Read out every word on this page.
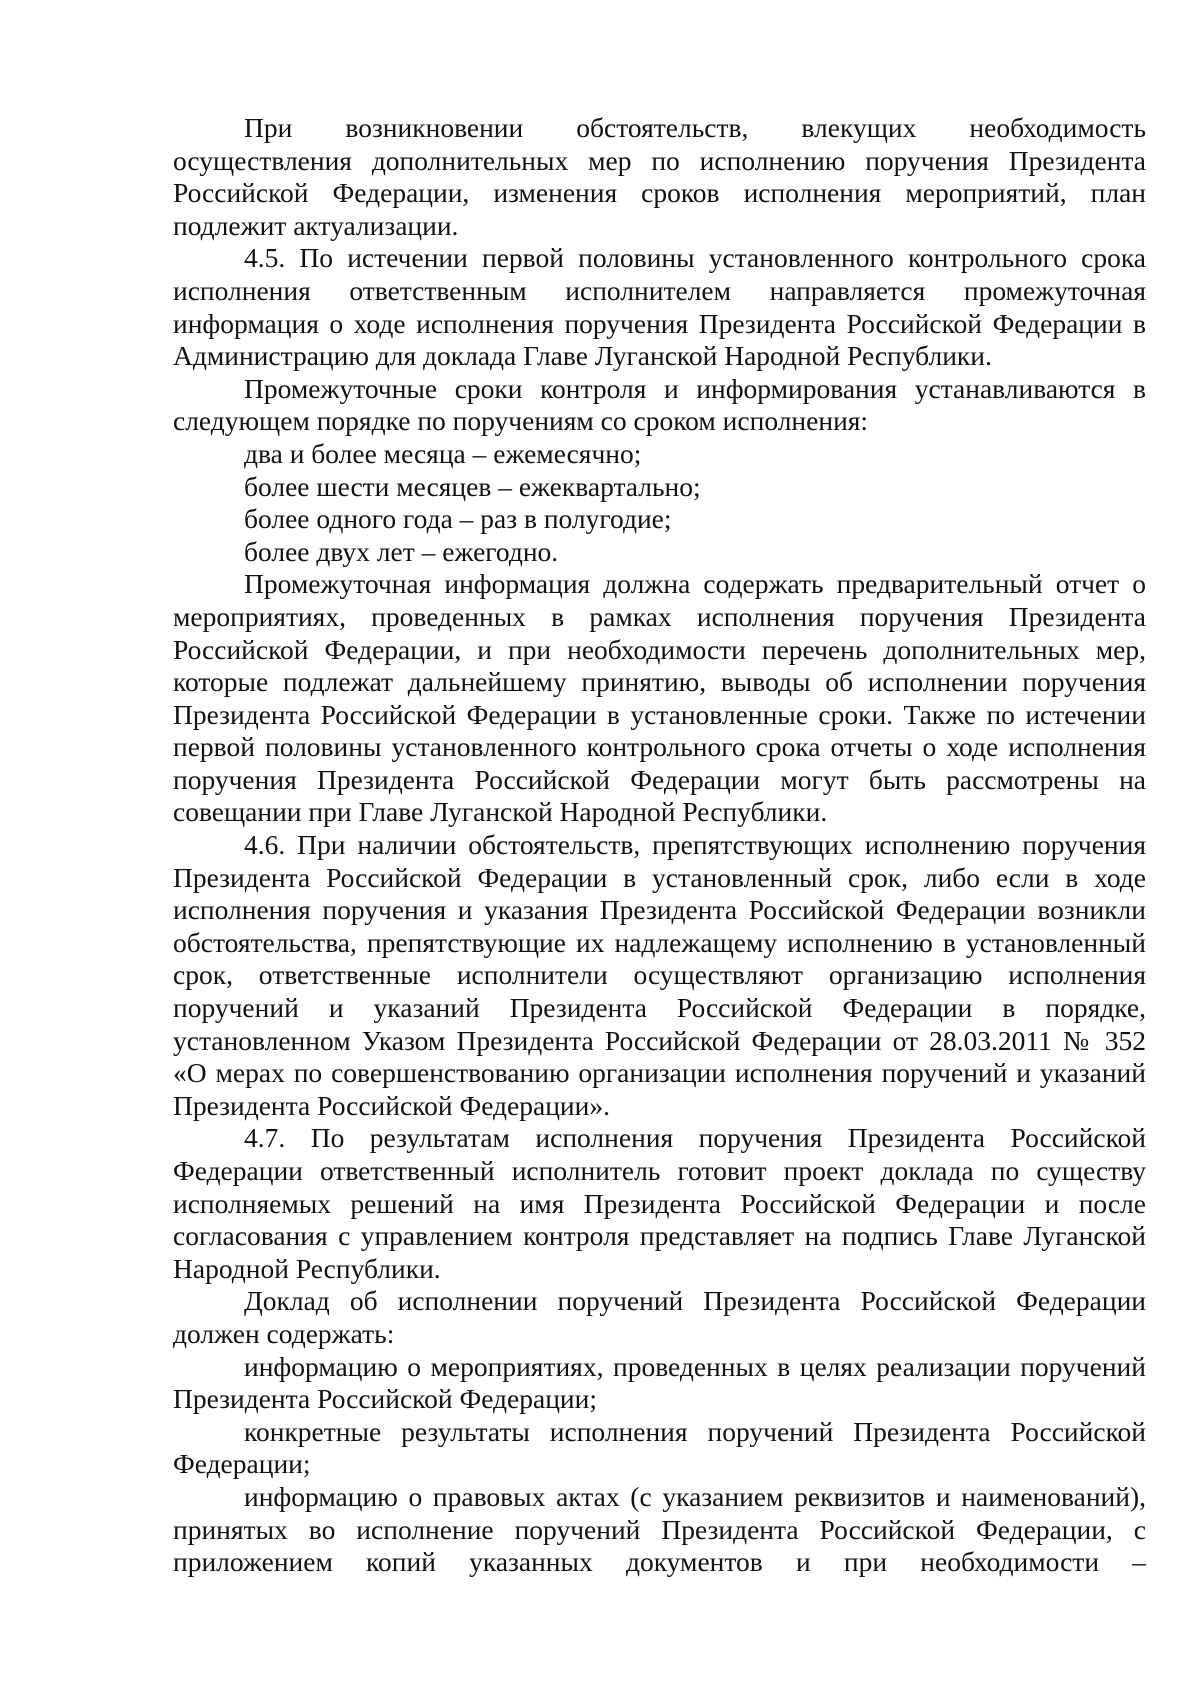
При возникновении обстоятельств, влекущих необходимость осуществления дополнительных мер по исполнению поручения Президента Российской Федерации, изменения сроков исполнения мероприятий, план подлежит актуализации.

4.5. По истечении первой половины установленного контрольного срока исполнения ответственным исполнителем направляется промежуточная информация о ходе исполнения поручения Президента Российской Федерации в Администрацию для доклада Главе Луганской Народной Республики.

Промежуточные сроки контроля и информирования устанавливаются в следующем порядке по поручениям со сроком исполнения:

два и более месяца – ежемесячно;

более шести месяцев – ежеквартально;

более одного года – раз в полугодие;

более двух лет – ежегодно.

Промежуточная информация должна содержать предварительный отчет о мероприятиях, проведенных в рамках исполнения поручения Президента Российской Федерации, и при необходимости перечень дополнительных мер, которые подлежат дальнейшему принятию, выводы об исполнении поручения Президента Российской Федерации в установленные сроки. Также по истечении первой половины установленного контрольного срока отчеты о ходе исполнения поручения Президента Российской Федерации могут быть рассмотрены на совещании при Главе Луганской Народной Республики.

4.6. При наличии обстоятельств, препятствующих исполнению поручения Президента Российской Федерации в установленный срок, либо если в ходе исполнения поручения и указания Президента Российской Федерации возникли обстоятельства, препятствующие их надлежащему исполнению в установленный срок, ответственные исполнители осуществляют организацию исполнения поручений и указаний Президента Российской Федерации в порядке, установленном Указом Президента Российской Федерации от 28.03.2011 № 352 «О мерах по совершенствованию организации исполнения поручений и указаний Президента Российской Федерации».

4.7. По результатам исполнения поручения Президента Российской Федерации ответственный исполнитель готовит проект доклада по существу исполняемых решений на имя Президента Российской Федерации и после согласования с управлением контроля представляет на подпись Главе Луганской Народной Республики.

Доклад об исполнении поручений Президента Российской Федерации должен содержать:

информацию о мероприятиях, проведенных в целях реализации поручений Президента Российской Федерации;

конкретные результаты исполнения поручений Президента Российской Федерации;

информацию о правовых актах (с указанием реквизитов и наименований), принятых во исполнение поручений Президента Российской Федерации, с приложением копий указанных документов и при необходимости –
